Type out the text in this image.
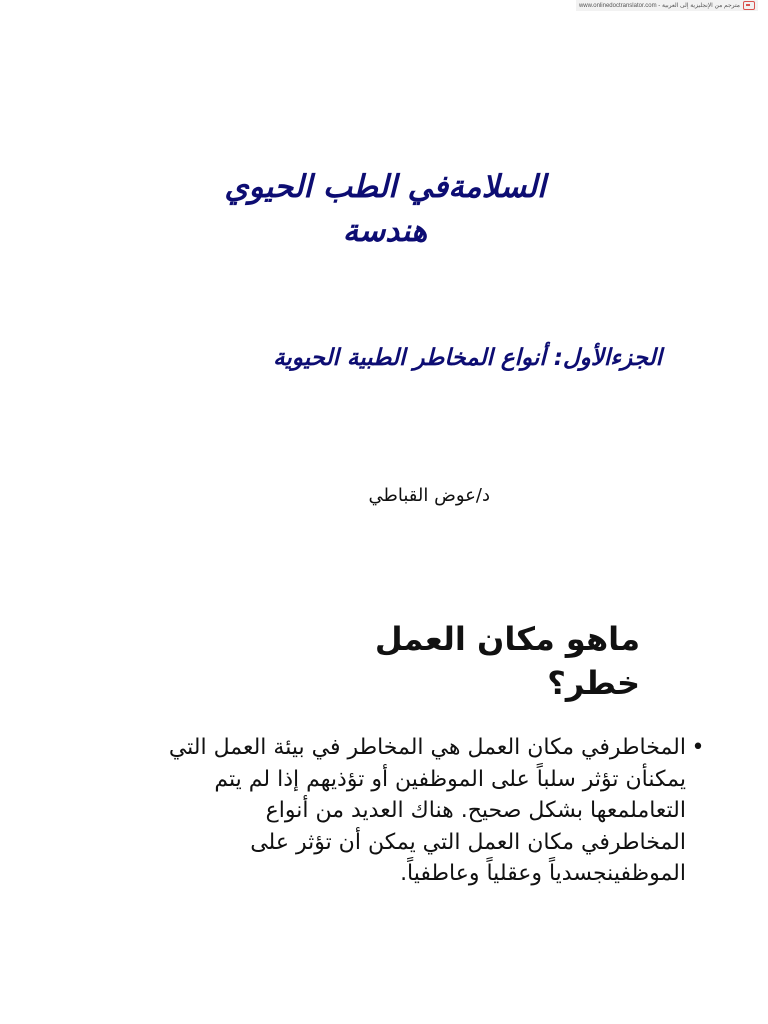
www.onlinedoctranslator.com - مترجم من الإنجليزية إلى العربية
السلامةفي الطب الحيوي
هندسة
الجزءالأول: أنواع المخاطر الطبية الحيوية
د/عوض القباطي
ماهو مكان العمل
خطر؟
•
المخاطرفي مكان العمل هي المخاطر في بيئة العمل التي
يمكنأن تؤثر سلباً على الموظفين أو تؤذيهم إذا لم يتم
التعاملمعها بشكل صحيح. هناك العديد من أنواع
المخاطرفي مكان العمل التي يمكن أن تؤثر على
الموظفينجسدياً وعقلياً وعاطفياً.
